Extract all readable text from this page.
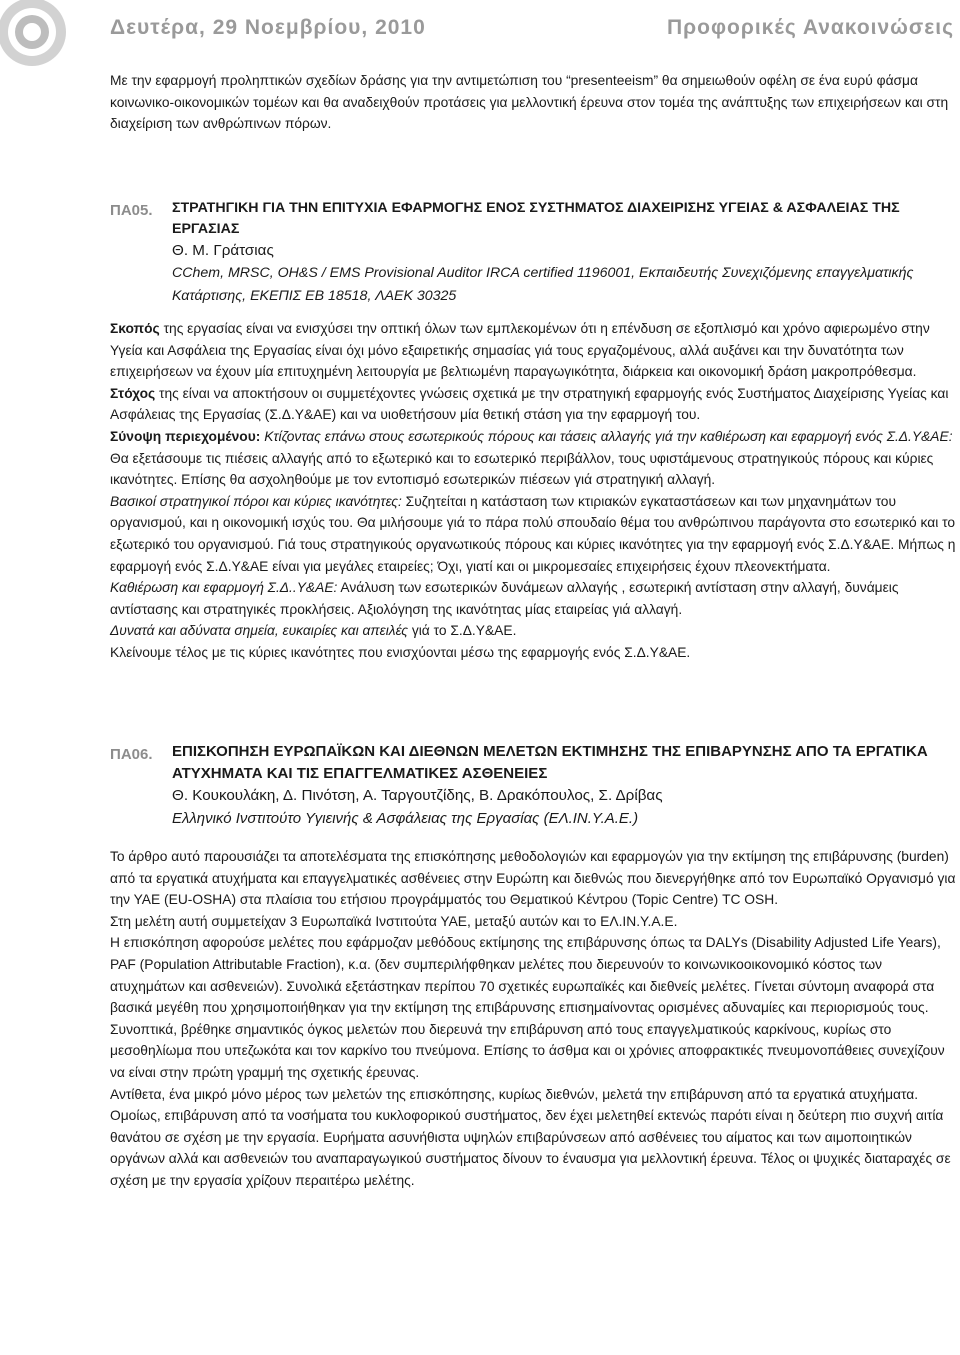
Δευτέρα, 29 Νοεμβρίου, 2010	Προφορικές Ανακοινώσεις
Με την εφαρμογή προληπτικών σχεδίων δράσης για την αντιμετώπιση του “presenteeism” θα σημειωθούν οφέλη σε ένα ευρύ φάσμα κοινωνικο-οικονομικών τομέων και θα αναδειχθούν προτάσεις για μελλοντική έρευνα στον τομέα της ανάπτυξης των επιχειρήσεων και στη διαχείριση των ανθρώπινων πόρων.
ΠΑ05. ΣΤΡΑΤΗΓΙΚΗ ΓΙΑ ΤΗΝ ΕΠΙΤΥΧΙΑ ΕΦΑΡΜΟΓΗΣ ΕΝΟΣ ΣΥΣΤΗΜΑΤΟΣ ΔΙΑΧΕΙΡΙΣΗΣ ΥΓΕΙΑΣ & ΑΣΦΑΛΕΙΑΣ ΤΗΣ ΕΡΓΑΣΙΑΣ
Θ. Μ. Γράτσιας
CChem, MRSC, OH&S / EMS Provisional Auditor IRCA certified 1196001, Εκπαιδευτής Συνεχιζόμενης επαγγελματικής Κατάρτισης, ΕΚΕΠΙΣ ΕΒ 18518, ΛΑΕΚ 30325

Σκοπός της εργασίας είναι να ενισχύσει την οπτική όλων των εμπλεκομένων ότι η επένδυση σε εξοπλισμό και χρόνο αφιερωμένο στην Υγεία και Ασφάλεια της Εργασίας είναι όχι μόνο εξαιρετικής σημασίας γιά τους εργαζομένους, αλλά αυξάνει και την δυνατότητα των επιχειρήσεων να έχουν μία επιτυχημένη λειτουργία με βελτιωμένη παραγωγικότητα, διάρκεια και οικονομική δράση μακροπρόθεσμα.

Στόχος της είναι να αποκτήσουν οι συμμετέχοντες γνώσεις σχετικά με την στρατηγική εφαρμογής ενός Συστήματος Διαχείρισης Υγείας και Ασφάλειας της Εργασίας (Σ.Δ.Υ&ΑΕ) και να υιοθετήσουν μία θετική στάση για την εφαρμογή του.

Σύνοψη περιεχομένου: Κτίζοντας επάνω στους εσωτερικούς πόρους και τάσεις αλλαγής γιά την καθιέρωση και εφαρμογή ενός Σ.Δ.Υ&ΑΕ: Θα εξετάσουμε τις πιέσεις αλλαγής από το εξωτερικό και το εσωτερικό περιβάλλον, τους υφιστάμενους στρατηγικούς πόρους και κύριες ικανότητες. Επίσης θα ασχοληθούμε με τον εντοπισμό εσωτερικών πιέσεων γιά στρατηγική αλλαγή.

Βασικοί στρατηγικοί πόροι και κύριες ικανότητες: Συζητείται η κατάσταση των κτιριακών εγκαταστάσεων και των μηχανημάτων του οργανισμού, και η οικονομική ισχύς του. Θα μιλήσουμε γιά το πάρα πολύ σπουδαίο θέμα του ανθρώπινου παράγοντα στο εσωτερικό και το εξωτερικό του οργανισμού. Γιά τους στρατηγικούς οργανωτικούς πόρους και κύριες ικανότητες για την εφαρμογή ενός Σ.Δ.Υ&ΑΕ. Μήπως η εφαρμογή ενός Σ.Δ.Υ&ΑΕ είναι για μεγάλες εταιρείες; Όχι, γιατί και οι μικρομεσαίες επιχειρήσεις έχουν πλεονεκτήματα.

Καθιέρωση και εφαρμογή Σ.Δ..Υ&ΑΕ: Ανάλυση των εσωτερικών δυνάμεων αλλαγής , εσωτερική αντίσταση στην αλλαγή, δυνάμεις αντίστασης και στρατηγικές προκλήσεις. Αξιολόγηση της ικανότητας μίας εταιρείας γιά αλλαγή.

Δυνατά και αδύνατα σημεία, ευκαιρίες και απειλές γιά το Σ.Δ.Υ&ΑΕ.

Κλείνουμε τέλος με τις κύριες ικανότητες που ενισχύονται μέσω της εφαρμογής ενός Σ.Δ.Υ&ΑΕ.

ΠΑ06. ΕΠΙΣΚΟΠΗΣΗ ΕΥΡΩΠΑΪΚΩΝ ΚΑΙ ΔΙΕΘΝΩΝ ΜΕΛΕΤΩΝ ΕΚΤΙΜΗΣΗΣ ΤΗΣ ΕΠΙΒΑΡΥΝΣΗΣ ΑΠΟ ΤΑ ΕΡΓΑΤΙΚΑ ΑΤΥΧΗΜΑΤΑ ΚΑΙ ΤΙΣ ΕΠΑΓΓΕΛΜΑΤΙΚΕΣ ΑΣΘΕΝΕΙΕΣ
Θ. Κουκουλάκη, Δ. Πινότση, Α. Ταργουτζίδης, Β. Δρακόπουλος, Σ. Δρίβας
Ελληνικό Ινστιτούτο Υγιεινής & Ασφάλειας της Εργασίας (ΕΛ.ΙΝ.Υ.Α.Ε.)

Το άρθρο αυτό παρουσιάζει τα αποτελέσματα της επισκόπησης μεθοδολογιών και εφαρμογών για την εκτίμηση της επιβάρυνσης (burden) από τα εργατικά ατυχήματα και επαγγελματικές ασθένειες στην Ευρώπη και διεθνώς που διενεργήθηκε από τον Ευρωπαϊκό Οργανισμό για την ΥΑΕ (EU-OSHA) στα πλαίσια του ετήσιου προγράμματός του Θεματικού Κέντρου (Topic Centre) TC OSH.

Στη μελέτη αυτή συμμετείχαν 3 Ευρωπαϊκά Ινστιτούτα ΥΑΕ, μεταξύ αυτών και το ΕΛ.ΙΝ.Υ.Α.Ε.

Η επισκόπηση αφορούσε μελέτες που εφάρμοζαν μεθόδους εκτίμησης της επιβάρυνσης όπως τα DALYs (Disability Adjusted Life Years), PAF (Population Attributable Fraction), κ.α. (δεν συμπεριλήφθηκαν μελέτες που διερευνούν το κοινωνικοοικονομικό κόστος των ατυχημάτων και ασθενειών). Συνολικά εξετάστηκαν περίπου 70 σχετικές ευρωπαϊκές και διεθνείς μελέτες. Γίνεται σύντομη αναφορά στα βασικά μεγέθη που χρησιμοποιήθηκαν για την εκτίμηση της επιβάρυνσης επισημαίνοντας ορισμένες αδυναμίες και περιορισμούς τους.

Συνοπτικά, βρέθηκε σημαντικός όγκος μελετών που διερευνά την επιβάρυνση από τους επαγγελματικούς καρκίνους, κυρίως στο μεσοθηλίωμα που υπεζωκότα και τον καρκίνο του πνεύμονα. Επίσης το άσθμα και οι χρόνιες αποφρακτικές πνευμονοπάθειες συνεχίζουν να είναι στην πρώτη γραμμή της σχετικής έρευνας.

Αντίθετα, ένα μικρό μόνο μέρος των μελετών της επισκόπησης, κυρίως διεθνών, μελετά την επιβάρυνση από τα εργατικά ατυχήματα.

Ομοίως, επιβάρυνση από τα νοσήματα του κυκλοφορικού συστήματος, δεν έχει μελετηθεί εκτενώς παρότι είναι η δεύτερη πιο συχνή αιτία θανάτου σε σχέση με την εργασία. Ευρήματα ασυνήθιστα υψηλών επιβαρύνσεων από ασθένειες του αίματος και των αιμοποιητικών οργάνων αλλά και ασθενειών του αναπαραγωγικού συστήματος δίνουν το έναυσμα για μελλοντική έρευνα. Τέλος οι ψυχικές διαταραχές σε σχέση με την εργασία χρίζουν περαιτέρω μελέτης.
